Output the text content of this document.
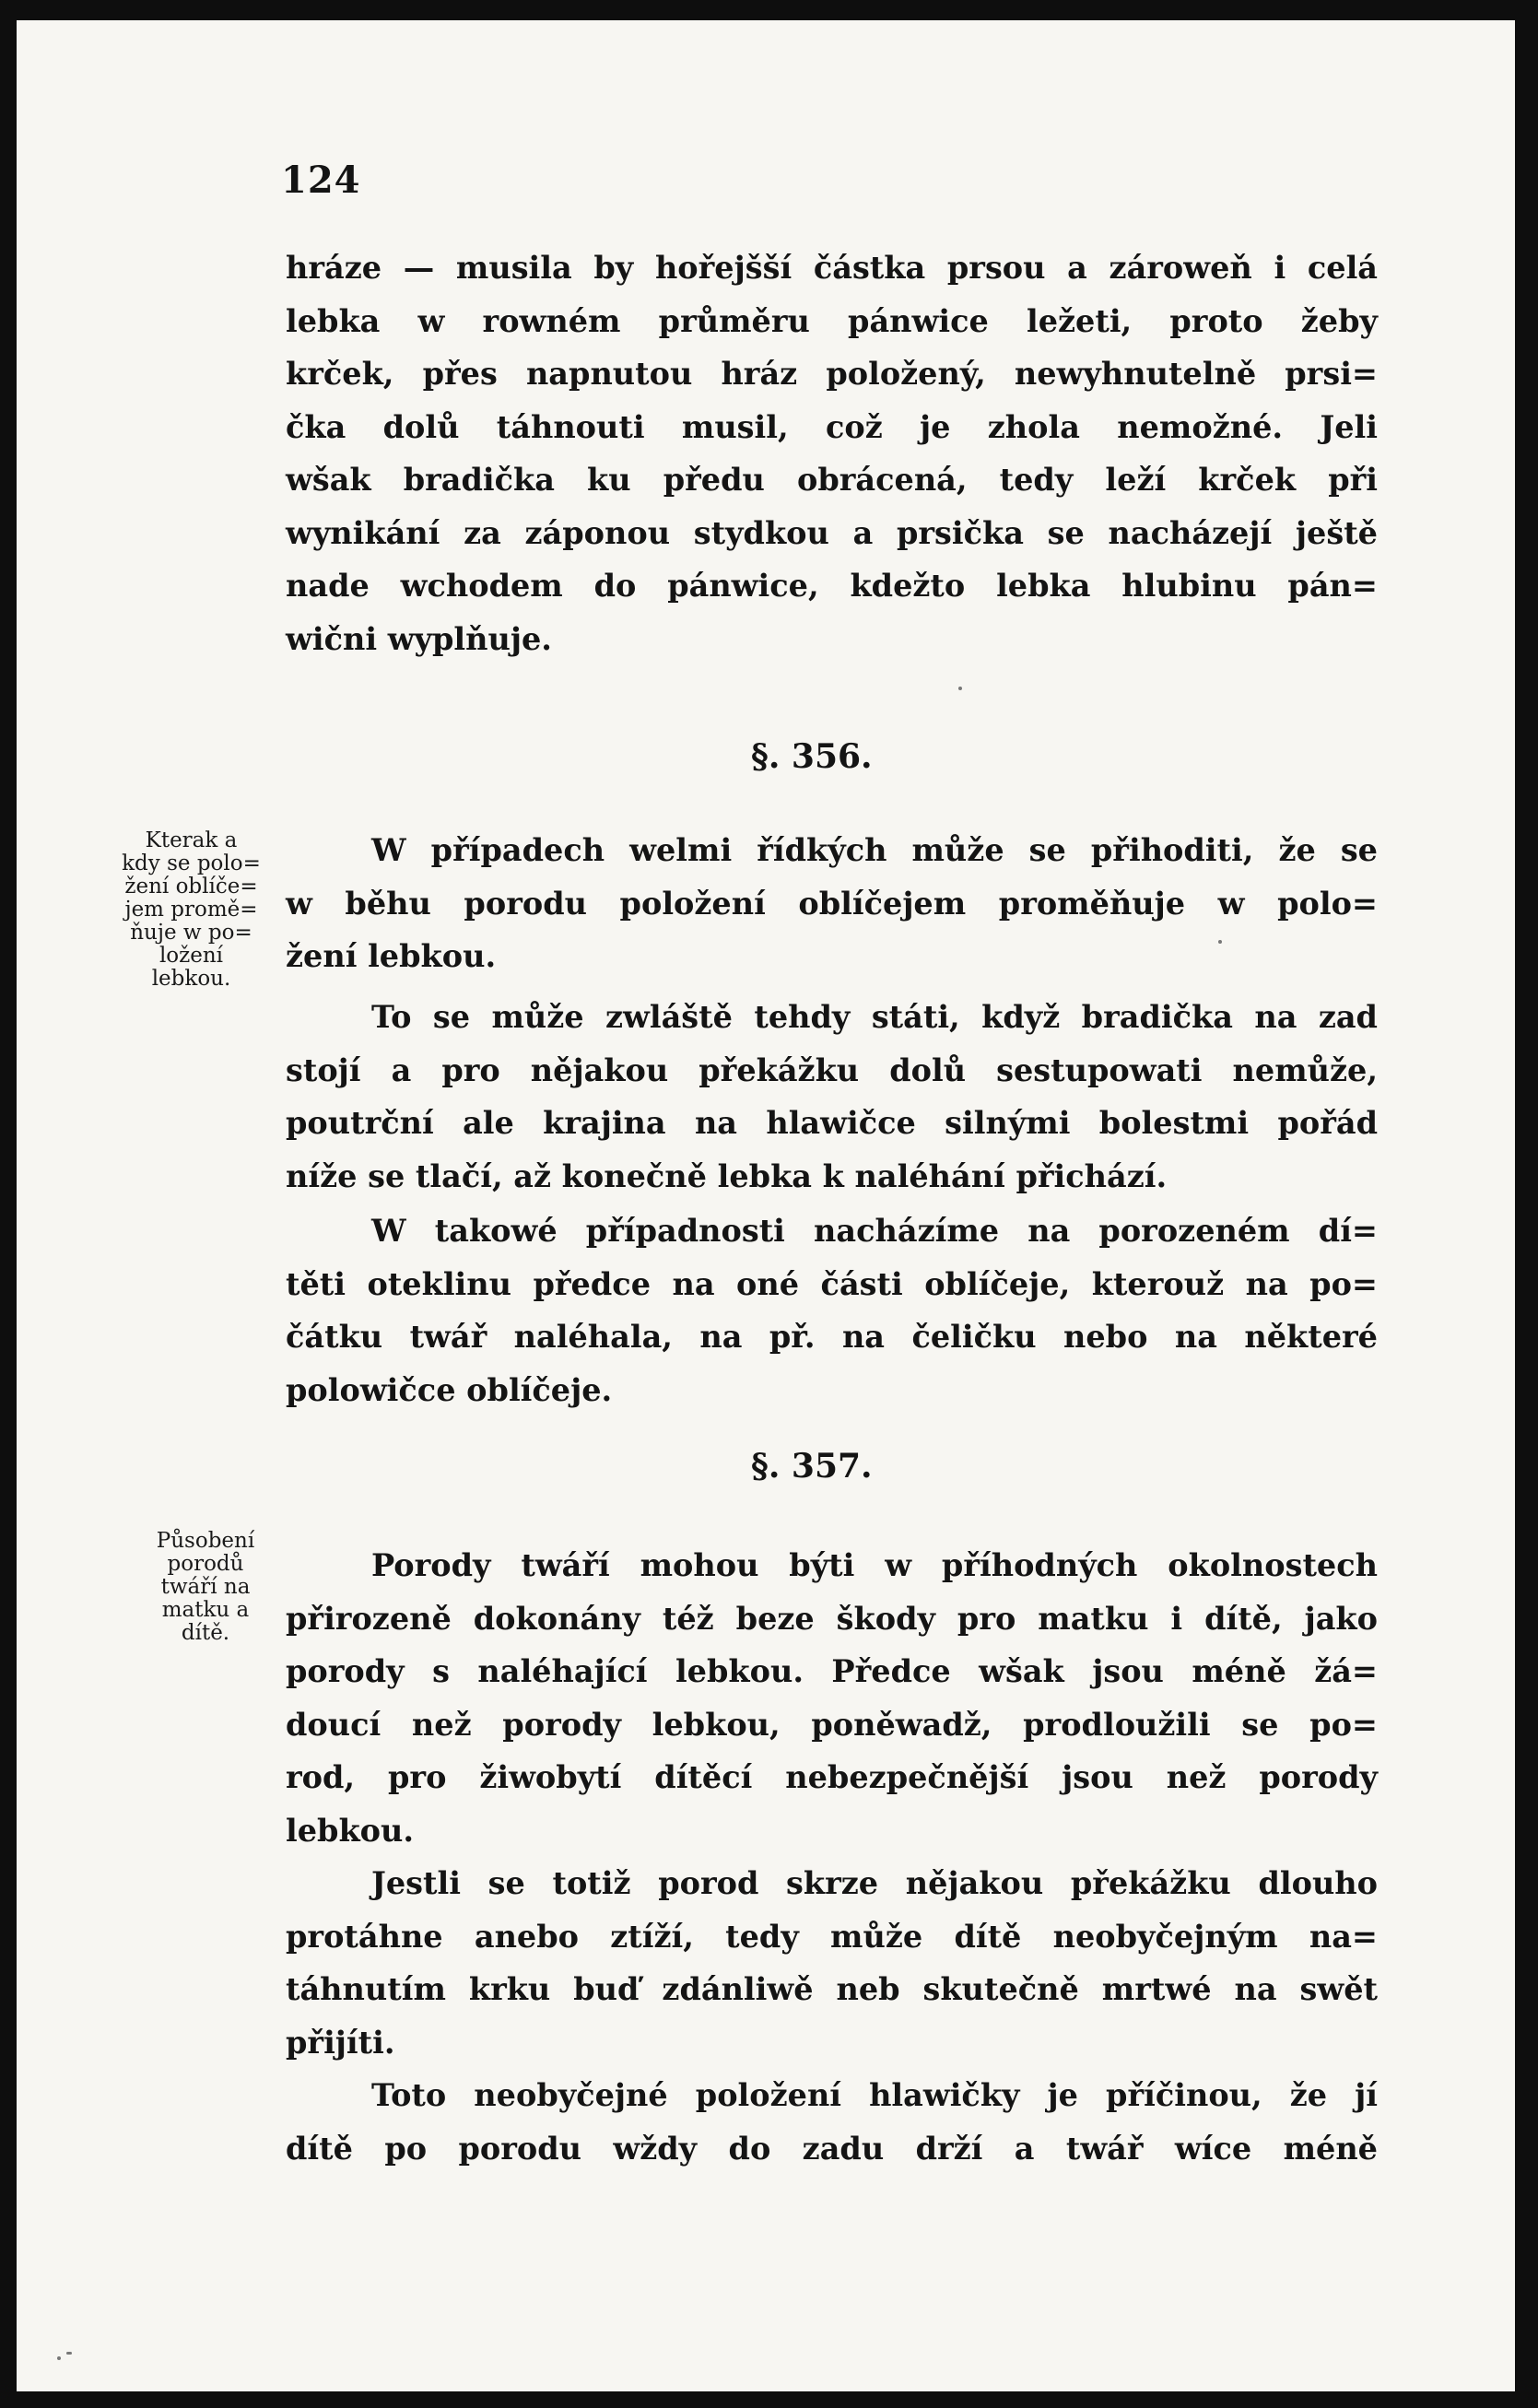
124

hráze — musila by hořejšší částka prsou a zároweň i celá

lebka w rowném průměru pánwice ležeti, proto žeby

krček, přes napnutou hráz položený, newyhnutelně prsi=

čka dolů táhnouti musil, což je zhola nemožné. Jeli

wšak bradička ku předu obrácená, tedy leží krček při

wynikání za záponou stydkou a prsička se nacházejí ještě

nade wchodem do pánwice, kdežto lebka hlubinu pán=

wični wyplňuje.

§. 356.
Kterak a
kdy se polo=
žení oblíče=
jem promě=
ňuje w po=
ložení
lebkou.

W případech welmi řídkých může se přihoditi, že se

w běhu porodu položení oblíčejem proměňuje w polo=

žení lebkou.

To se může zwláště tehdy státi, když bradička na zad

stojí a pro nějakou překážku dolů sestupowati nemůže,

poutrční ale krajina na hlawičce silnými bolestmi pořád

níže se tlačí, až konečně lebka k naléhání přichází.

W takowé případnosti nacházíme na porozeném dí=

těti oteklinu předce na oné části oblíčeje, kterouž na po=

čátku twář naléhala, na př. na čeličku nebo na některé

polowičce oblíčeje.

§. 357.
Působení
porodů
twáří na
matku a
dítě.

Porody twáří mohou býti w příhodných okolnostech

přirozeně dokonány též beze škody pro matku i dítě, jako

porody s naléhající lebkou. Předce wšak jsou méně žá=

doucí než porody lebkou, poněwadž, prodloužili se po=

rod, pro žiwobytí dítěcí nebezpečnější jsou než porody

lebkou.

Jestli se totiž porod skrze nějakou překážku dlouho

protáhne anebo ztíží, tedy může dítě neobyčejným na=

táhnutím krku buď zdánliwě neb skutečně mrtwé na swět

přijíti.

Toto neobyčejné položení hlawičky je příčinou, že jí

dítě po porodu wždy do zadu drží a twář wíce méně
